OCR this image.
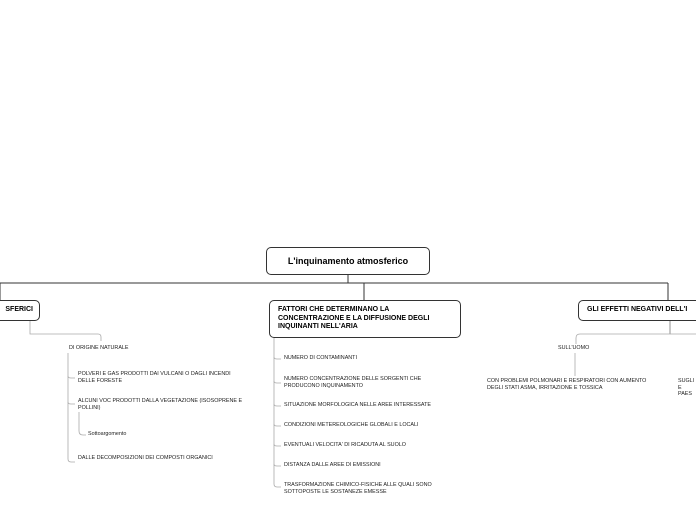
L'inquinamento atmosferico
SFERICI
DI ORIGINE NATURALE
POLVERI E GAS PRODOTTI DAI VULCANI O DAGLI INCENDI DELLE FORESTE
ALCUNI VOC PRODOTTI DALLA VEGETAZIONE (ISOSOPRENE E POLLINI)
Sottoargomento
DALLE DECOMPOSIZIONI DEI COMPOSTI ORGANICI
FATTORI CHE DETERMINANO LA CONCENTRAZIONE E LA DIFFUSIONE DEGLI INQUINANTI NELL'ARIA
NUMERO DI CONTAMINANTI
NUMERO CONCENTRAZIONE DELLE SORGENTI CHE PRODUCONO INQUINAMENTO
SITUAZIONE MORFOLOGICA NELLE AREE INTERESSATE
CONDIZIONI METEREOLOGICHE GLOBALI E LOCALI
EVENTUALI VELOCITA' DI RICADUTA AL SUOLO
DISTANZA DALLE AREE DI EMISSIONI
TRASFORMAZIONE CHIMICO-FISICHE ALLE QUALI SONO SOTTOPOSTE LE SOSTANEZE EMESSE
GLI EFFETTI NEGATIVI DELL'I
SULL'UOMO
CON PROBLEMI POLMONARI E RESPIRATORI CON AUMENTO DEGLI STATI ASMA, IRRITAZIONE E TOSSICA
SUGLI E PAES
